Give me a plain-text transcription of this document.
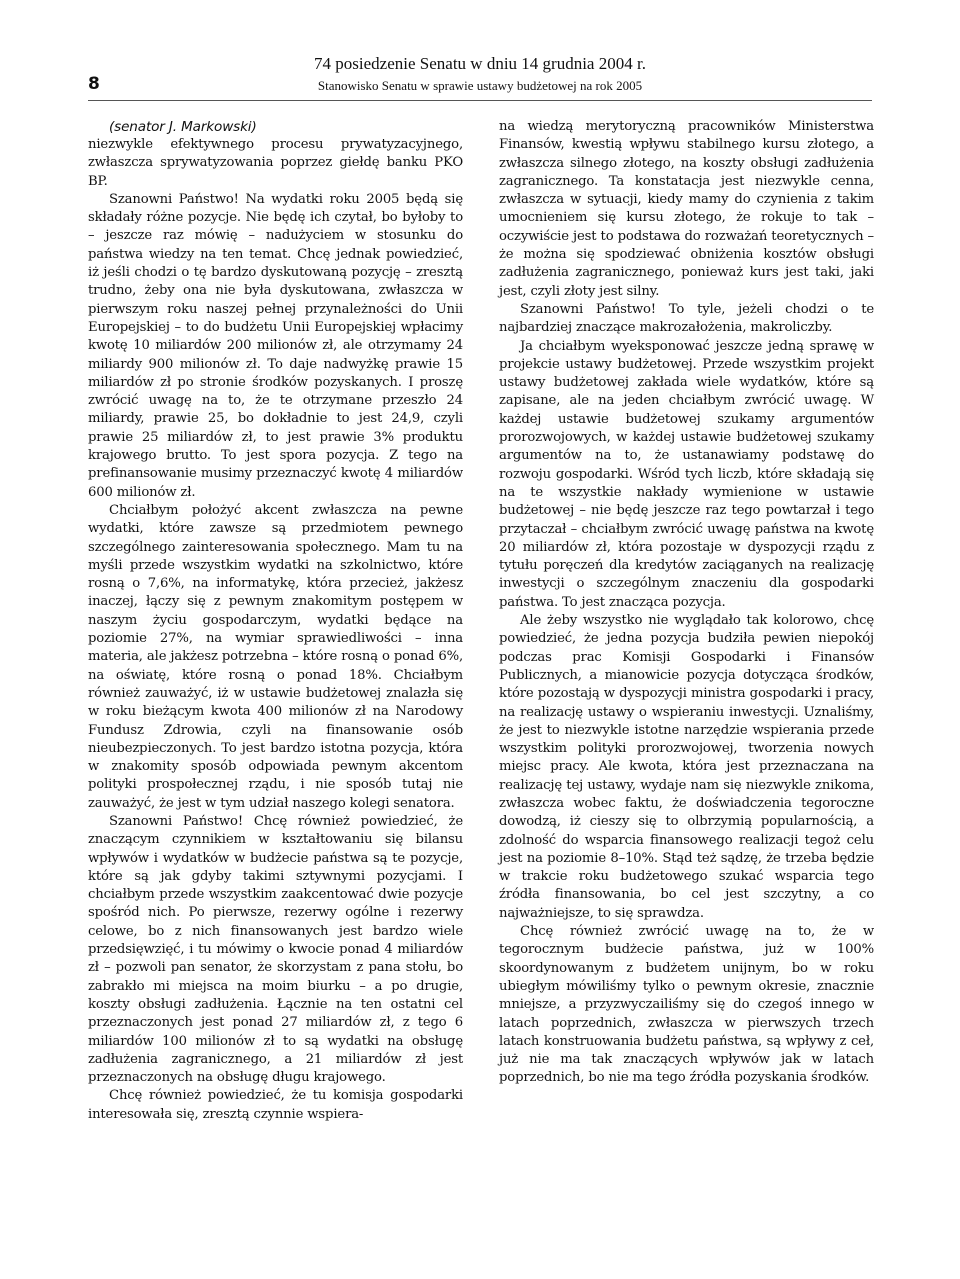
8
74 posiedzenie Senatu w dniu 14 grudnia 2004 r.
Stanowisko Senatu w sprawie ustawy budżetowej na rok 2005

(senator J. Markowski)

niezwykle efektywnego procesu prywatyzacyjnego, zwłaszcza sprywatyzowania poprzez giełdę banku PKO BP.

Szanowni Państwo! Na wydatki roku 2005 będą się składały różne pozycje. Nie będę ich czytał, bo byłoby to – jeszcze raz mówię – nadużyciem w stosunku do państwa wiedzy na ten temat. Chcę jednak powiedzieć, iż jeśli chodzi o tę bardzo dyskutowaną pozycję – zresztą trudno, żeby ona nie była dyskutowana, zwłaszcza w pierwszym roku naszej pełnej przynależności do Unii Europejskiej – to do budżetu Unii Europejskiej wpłacimy kwotę 10 miliardów 200 milionów zł, ale otrzymamy 24 miliardy 900 milionów zł. To daje nadwyżkę prawie 15 miliardów zł po stronie środków pozyskanych. I proszę zwrócić uwagę na to, że te otrzymane przeszło 24 miliardy, prawie 25, bo dokładnie to jest 24,9, czyli prawie 25 miliardów zł, to jest prawie 3% produktu krajowego brutto. To jest spora pozycja. Z tego na prefinansowanie musimy przeznaczyć kwotę 4 miliardów 600 milionów zł.

Chciałbym położyć akcent zwłaszcza na pewne wydatki, które zawsze są przedmiotem pewnego szczególnego zainteresowania społecznego. Mam tu na myśli przede wszystkim wydatki na szkolnictwo, które rosną o 7,6%, na informatykę, która przecież, jakżesz inaczej, łączy się z pewnym znakomitym postępem w naszym życiu gospodarczym, wydatki będące na poziomie 27%, na wymiar sprawiedliwości – inna materia, ale jakżesz potrzebna – które rosną o ponad 6%, na oświatę, które rosną o ponad 18%. Chciałbym również zauważyć, iż w ustawie budżetowej znalazła się w roku bieżącym kwota 400 milionów zł na Narodowy Fundusz Zdrowia, czyli na finansowanie osób nieubezpieczonych. To jest bardzo istotna pozycja, która w znakomity sposób odpowiada pewnym akcentom polityki prospołecznej rządu, i nie sposób tutaj nie zauważyć, że jest w tym udział naszego kolegi senatora.

Szanowni Państwo! Chcę również powiedzieć, że znaczącym czynnikiem w kształtowaniu się bilansu wpływów i wydatków w budżecie państwa są te pozycje, które są jak gdyby takimi sztywnymi pozycjami. I chciałbym przede wszystkim zaakcentować dwie pozycje spośród nich. Po pierwsze, rezerwy ogólne i rezerwy celowe, bo z nich finansowanych jest bardzo wiele przedsięwzięć, i tu mówimy o kwocie ponad 4 miliardów zł – pozwoli pan senator, że skorzystam z pana stołu, bo zabrakło mi miejsca na moim biurku – a po drugie, koszty obsługi zadłużenia. Łącznie na ten ostatni cel przeznaczonych jest ponad 27 miliardów zł, z tego 6 miliardów 100 milionów zł to są wydatki na obsługę zadłużenia zagranicznego, a 21 miliardów zł jest przeznaczonych na obsługę długu krajowego.

Chcę również powiedzieć, że tu komisja gospodarki interesowała się, zresztą czynnie wspiera-

na wiedzą merytoryczną pracowników Ministerstwa Finansów, kwestią wpływu stabilnego kursu złotego, a zwłaszcza silnego złotego, na koszty obsługi zadłużenia zagranicznego. Ta konstatacja jest niezwykle cenna, zwłaszcza w sytuacji, kiedy mamy do czynienia z takim umocnieniem się kursu złotego, że rokuje to tak – oczywiście jest to podstawa do rozważań teoretycznych – że można się spodziewać obniżenia kosztów obsługi zadłużenia zagranicznego, ponieważ kurs jest taki, jaki jest, czyli złoty jest silny.

Szanowni Państwo! To tyle, jeżeli chodzi o te najbardziej znaczące makrozałożenia, makroliczby.

Ja chciałbym wyeksponować jeszcze jedną sprawę w projekcie ustawy budżetowej. Przede wszystkim projekt ustawy budżetowej zakłada wiele wydatków, które są zapisane, ale na jeden chciałbym zwrócić uwagę. W każdej ustawie budżetowej szukamy argumentów prorozwojowych, w każdej ustawie budżetowej szukamy argumentów na to, że ustanawiamy podstawę do rozwoju gospodarki. Wśród tych liczb, które składają się na te wszystkie nakłady wymienione w ustawie budżetowej – nie będę jeszcze raz tego powtarzał i tego przytaczał – chciałbym zwrócić uwagę państwa na kwotę 20 miliardów zł, która pozostaje w dyspozycji rządu z tytułu poręczeń dla kredytów zaciąganych na realizację inwestycji o szczególnym znaczeniu dla gospodarki państwa. To jest znacząca pozycja.

Ale żeby wszystko nie wyglądało tak kolorowo, chcę powiedzieć, że jedna pozycja budziła pewien niepokój podczas prac Komisji Gospodarki i Finansów Publicznych, a mianowicie pozycja dotycząca środków, które pozostają w dyspozycji ministra gospodarki i pracy, na realizację ustawy o wspieraniu inwestycji. Uznaliśmy, że jest to niezwykle istotne narzędzie wspierania przede wszystkim polityki prorozwojowej, tworzenia nowych miejsc pracy. Ale kwota, która jest przeznaczana na realizację tej ustawy, wydaje nam się niezwykle znikoma, zwłaszcza wobec faktu, że doświadczenia tegoroczne dowodzą, iż cieszy się to olbrzymią popularnością, a zdolność do wsparcia finansowego realizacji tegoż celu jest na poziomie 8–10%. Stąd też sądzę, że trzeba będzie w trakcie roku budżetowego szukać wsparcia tego źródła finansowania, bo cel jest szczytny, a co najważniejsze, to się sprawdza.

Chcę również zwrócić uwagę na to, że w tegorocznym budżecie państwa, już w 100% skoordynowanym z budżetem unijnym, bo w roku ubiegłym mówiliśmy tylko o pewnym okresie, znacznie mniejsze, a przyzwyczailiśmy się do czegoś innego w latach poprzednich, zwłaszcza w pierwszych trzech latach konstruowania budżetu państwa, są wpływy z ceł, już nie ma tak znaczących wpływów jak w latach poprzednich, bo nie ma tego źródła pozyskania środków.
